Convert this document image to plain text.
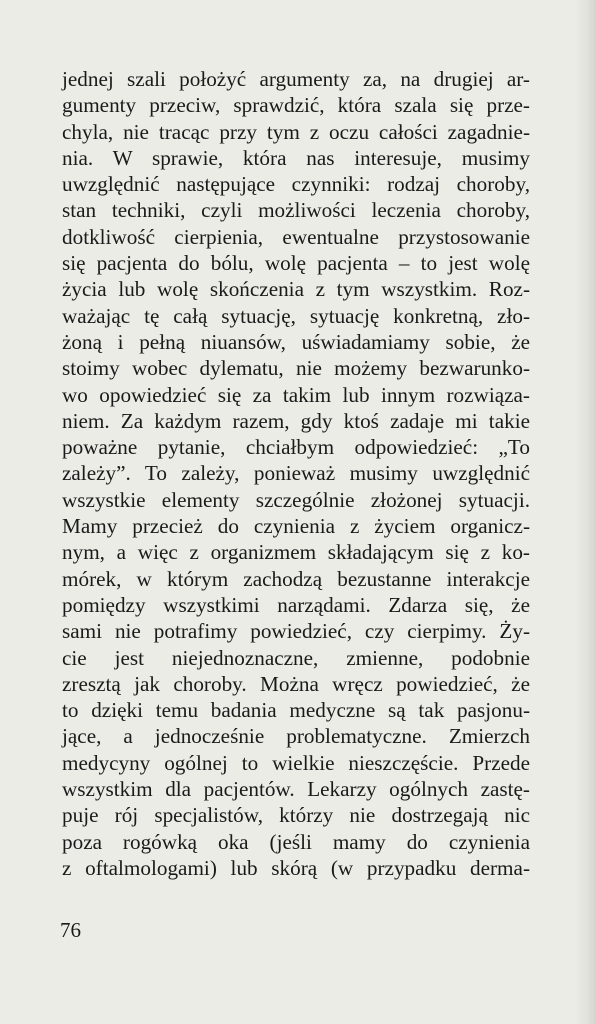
jednej szali położyć argumenty za, na drugiej ar-
gumenty przeciw, sprawdzić, która szala się prze-
chyla, nie tracąc przy tym z oczu całości zagadnie-
nia. W sprawie, która nas interesuje, musimy
uwzględnić następujące czynniki: rodzaj choroby,
stan techniki, czyli możliwości leczenia choroby,
dotkliwość cierpienia, ewentualne przystosowanie
się pacjenta do bólu, wolę pacjenta – to jest wolę
życia lub wolę skończenia z tym wszystkim. Roz-
ważając tę całą sytuację, sytuację konkretną, zło-
żoną i pełną niuansów, uświadamiamy sobie, że
stoimy wobec dylematu, nie możemy bezwarunko-
wo opowiedzieć się za takim lub innym rozwiąza-
niem. Za każdym razem, gdy ktoś zadaje mi takie
poważne pytanie, chciałbym odpowiedzieć: „To
zależy”. To zależy, ponieważ musimy uwzględnić
wszystkie elementy szczególnie złożonej sytuacji.
Mamy przecież do czynienia z życiem organicz-
nym, a więc z organizmem składającym się z ko-
mórek, w którym zachodzą bezustanne interakcje
pomiędzy wszystkimi narządami. Zdarza się, że
sami nie potrafimy powiedzieć, czy cierpimy. Ży-
cie jest niejednoznaczne, zmienne, podobnie
zresztą jak choroby. Można wręcz powiedzieć, że
to dzięki temu badania medyczne są tak pasjonu-
jące, a jednocześnie problematyczne. Zmierzch
medycyny ogólnej to wielkie nieszczęście. Przede
wszystkim dla pacjentów. Lekarzy ogólnych zastę-
puje rój specjalistów, którzy nie dostrzegają nic
poza rogówką oka (jeśli mamy do czynienia
z oftalmologami) lub skórą (w przypadku derma-
76
